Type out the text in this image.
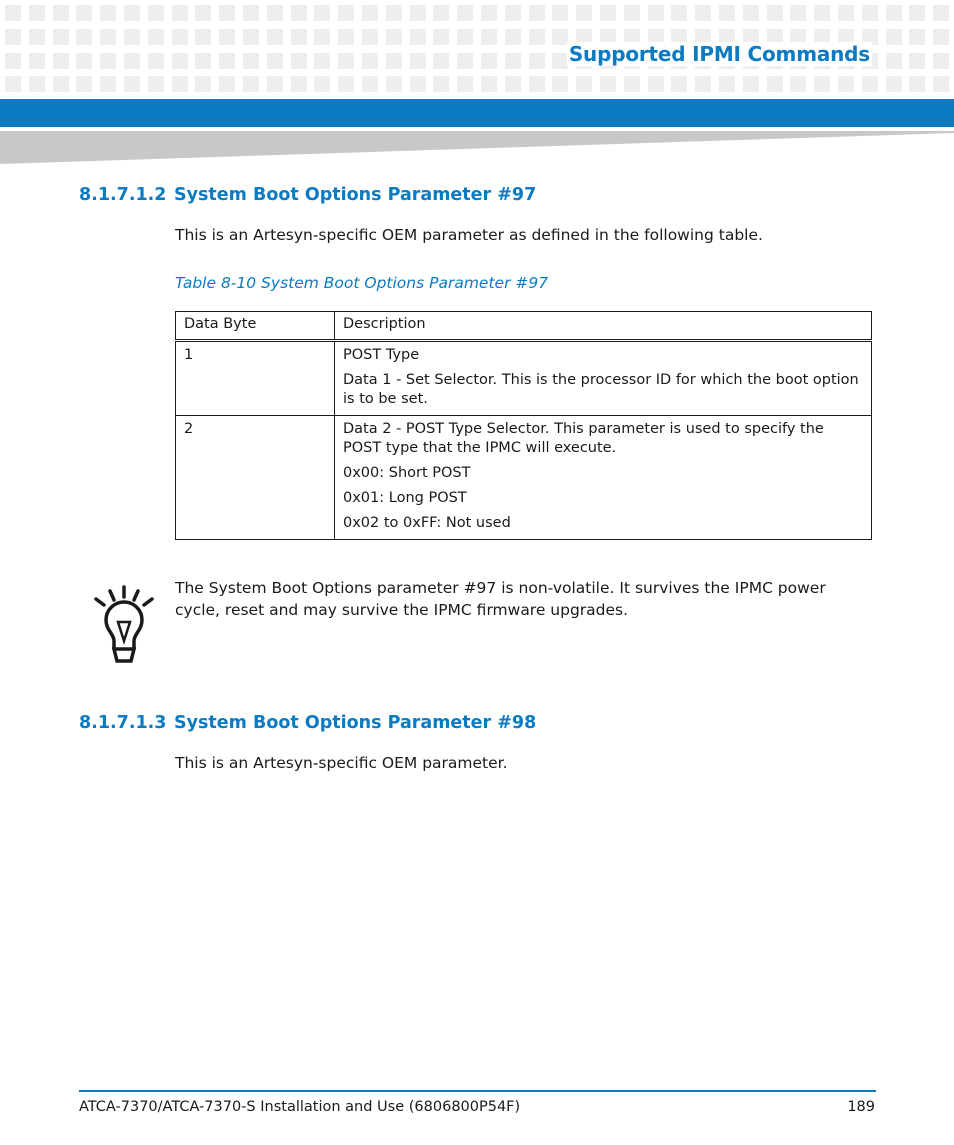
Supported IPMI Commands
8.1.7.1.2 System Boot Options Parameter #97
This is an Artesyn-specific OEM parameter as defined in the following table.
Table 8-10 System Boot Options Parameter #97
Data Byte	Description
1	POST Type

Data 1 - Set Selector. This is the processor ID for which the boot option is to be set.

2	Data 2 - POST Type Selector. This parameter is used to specify the POST type that the IPMC will execute.

0x00: Short POST

0x01: Long POST

0x02 to 0xFF: Not used

The System Boot Options parameter #97 is non-volatile. It survives the IPMC power cycle, reset and may survive the IPMC firmware upgrades.
8.1.7.1.3 System Boot Options Parameter #98
This is an Artesyn-specific OEM parameter.
ATCA-7370/ATCA-7370-S Installation and Use (6806800P54F)	189
